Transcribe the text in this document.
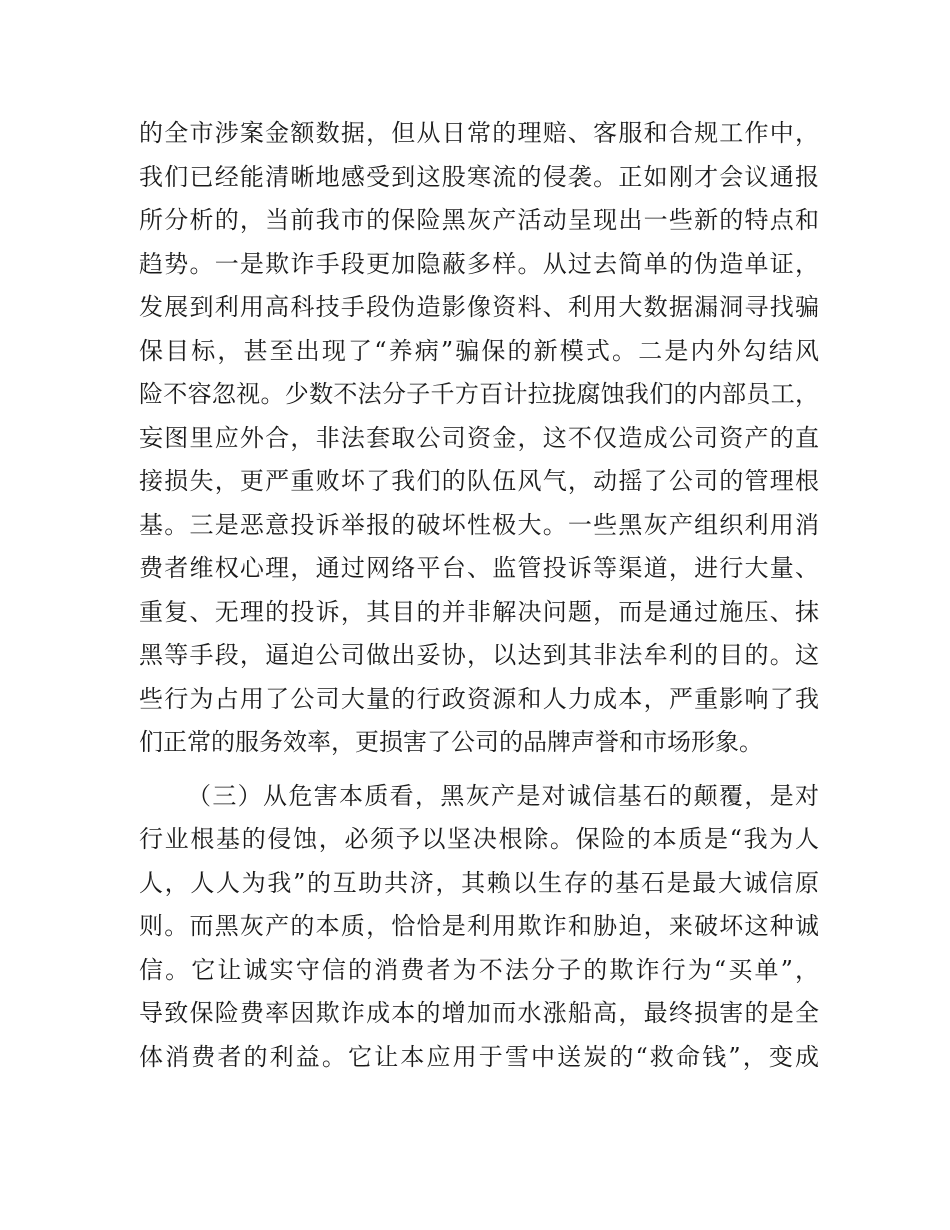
的全市涉案金额数据，但从日常的理赔、客服和合规工作中，
我们已经能清晰地感受到这股寒流的侵袭。正如刚才会议通报
所分析的，当前我市的保险黑灰产活动呈现出一些新的特点和
趋势。一是欺诈手段更加隐蔽多样。从过去简单的伪造单证，
发展到利用高科技手段伪造影像资料、利用大数据漏洞寻找骗
保目标，甚至出现了“养病”骗保的新模式。二是内外勾结风
险不容忽视。少数不法分子千方百计拉拢腐蚀我们的内部员工，
妄图里应外合，非法套取公司资金，这不仅造成公司资产的直
接损失，更严重败坏了我们的队伍风气，动摇了公司的管理根
基。三是恶意投诉举报的破坏性极大。一些黑灰产组织利用消
费者维权心理，通过网络平台、监管投诉等渠道，进行大量、
重复、无理的投诉，其目的并非解决问题，而是通过施压、抹
黑等手段，逼迫公司做出妥协，以达到其非法牟利的目的。这
些行为占用了公司大量的行政资源和人力成本，严重影响了我
们正常的服务效率，更损害了公司的品牌声誉和市场形象。
（三）从危害本质看，黑灰产是对诚信基石的颠覆，是对
行业根基的侵蚀，必须予以坚决根除。保险的本质是“我为人
人，人人为我”的互助共济，其赖以生存的基石是最大诚信原
则。而黑灰产的本质，恰恰是利用欺诈和胁迫，来破坏这种诚
信。它让诚实守信的消费者为不法分子的欺诈行为“买单”，
导致保险费率因欺诈成本的增加而水涨船高，最终损害的是全
体消费者的利益。它让本应用于雪中送炭的“救命钱”，变成
